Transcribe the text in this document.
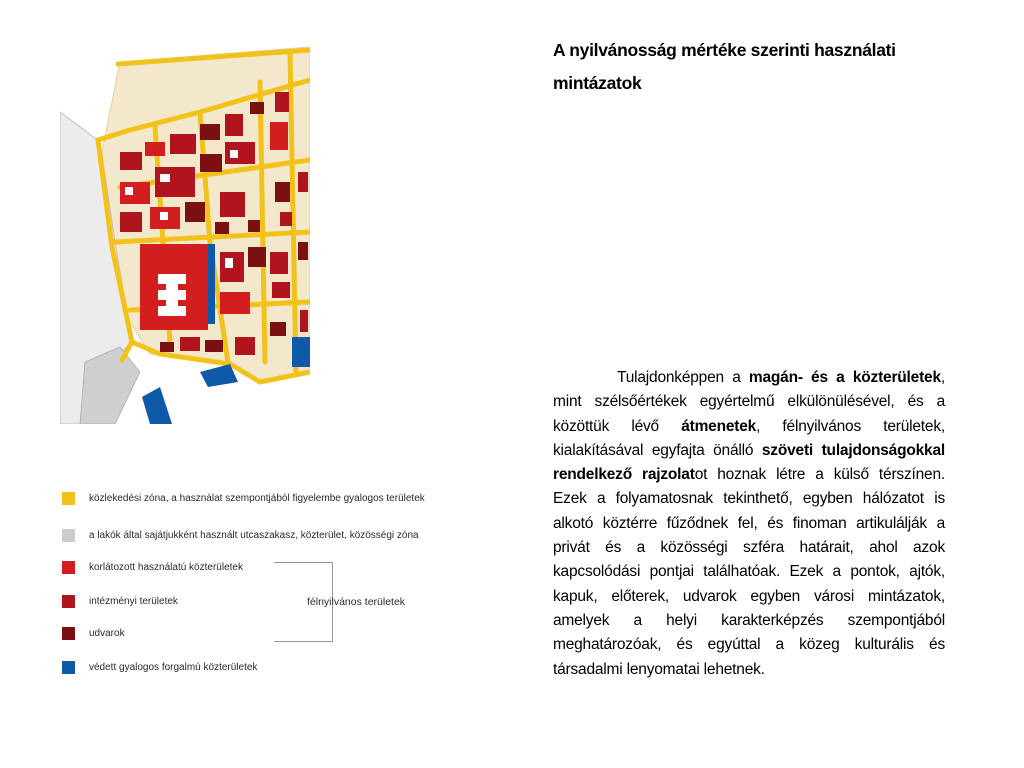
közlekedési zóna, a használat szempontjából figyelembe gyalogos területek
a lakók által sajátjukként használt utcaszakasz, közterület, közösségi zóna
korlátozott használatú közterületek
intézményi területek
udvarok
védett gyalogos forgalmú közterületek
félnyilvános területek
A nyilvánosság mértéke szerinti használati mintázatok

Tulajdonképpen a magán- és a közterületek, mint szélsőértékek egyértelmű elkülönülésével, és a közöttük lévő átmenetek, félnyilvános területek, kialakításával egyfajta önálló szöveti tulajdonságokkal rendelkező rajzolatot hoznak létre a külső térszínen. Ezek a folyamatosnak tekinthető, egyben hálózatot is alkotó köztérre fűződnek fel, és finoman artikulálják a privát és a közösségi szféra határait, ahol azok kapcsolódási pontjai találhatóak. Ezek a pontok, ajtók, kapuk, előterek, udvarok egyben városi mintázatok, amelyek a helyi karakterképzés szempontjából meghatározóak, és egyúttal a közeg kulturális és társadalmi lenyomatai lehetnek.
